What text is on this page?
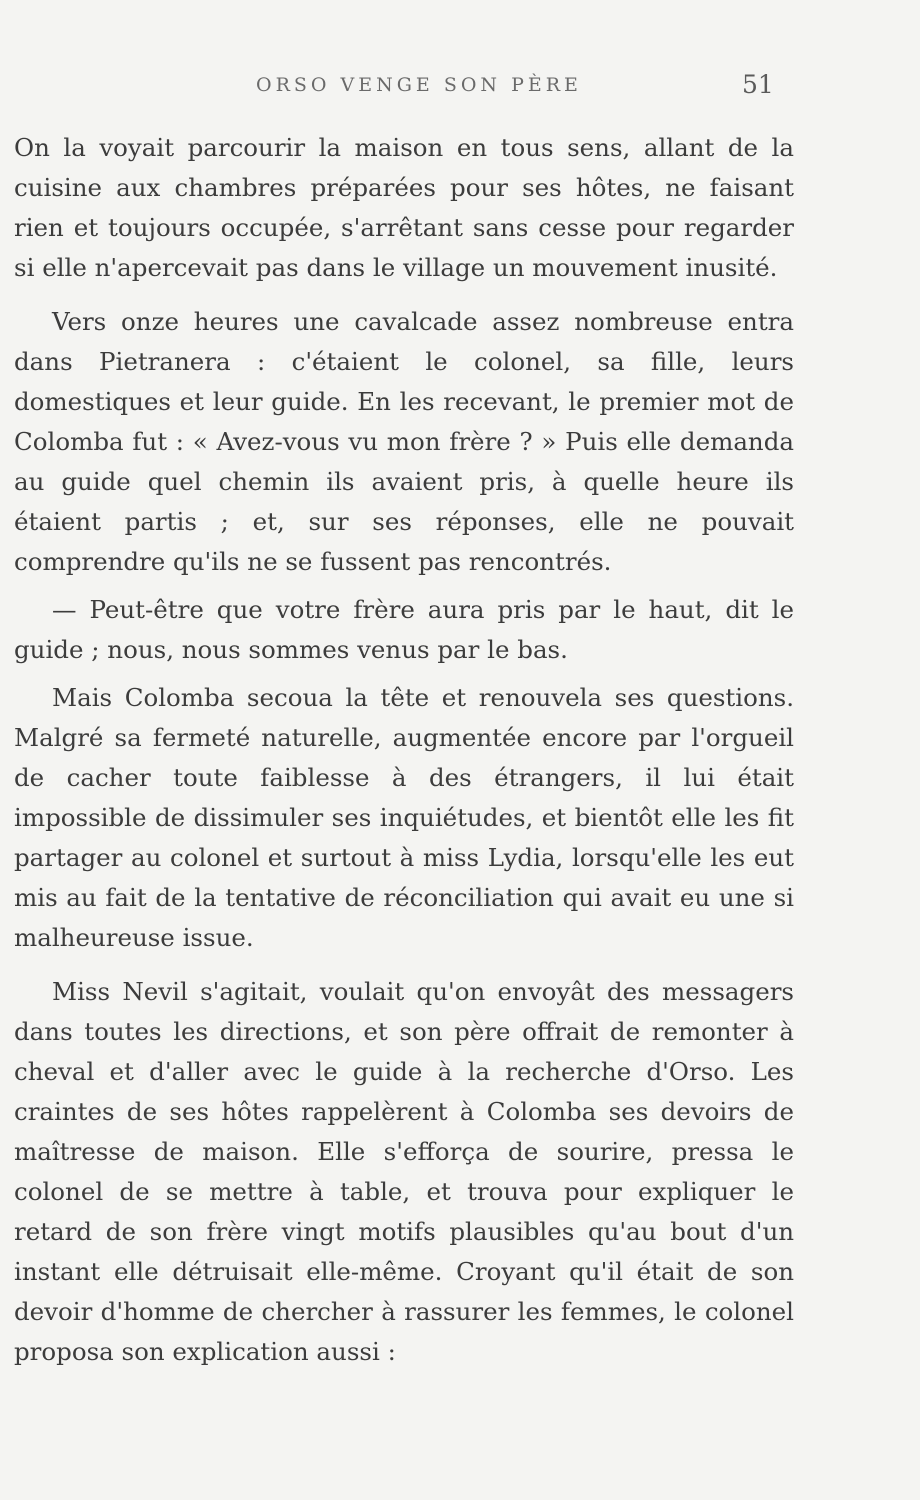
ORSO VENGE SON PÈRE	51

On la voyait parcourir la maison en tous sens, allant de la cuisine aux chambres préparées pour ses hôtes, ne faisant rien et toujours occupée, s'arrêtant sans cesse pour regarder si elle n'apercevait pas dans le village un mouvement inusité.

Vers onze heures une cavalcade assez nombreuse entra dans Pietranera : c'étaient le colonel, sa fille, leurs domestiques et leur guide. En les recevant, le premier mot de Colomba fut : « Avez-vous vu mon frère ? » Puis elle demanda au guide quel chemin ils avaient pris, à quelle heure ils étaient partis ; et, sur ses réponses, elle ne pouvait comprendre qu'ils ne se fussent pas rencontrés.

— Peut-être que votre frère aura pris par le haut, dit le guide ; nous, nous sommes venus par le bas.

Mais Colomba secoua la tête et renouvela ses questions. Malgré sa fermeté naturelle, augmentée encore par l'orgueil de cacher toute faiblesse à des étrangers, il lui était impossible de dissimuler ses inquiétudes, et bientôt elle les fit partager au colonel et surtout à miss Lydia, lorsqu'elle les eut mis au fait de la tentative de réconciliation qui avait eu une si malheureuse issue.

Miss Nevil s'agitait, voulait qu'on envoyât des messagers dans toutes les directions, et son père offrait de remonter à cheval et d'aller avec le guide à la recherche d'Orso. Les craintes de ses hôtes rappelèrent à Colomba ses devoirs de maîtresse de maison. Elle s'efforça de sourire, pressa le colonel de se mettre à table, et trouva pour expliquer le retard de son frère vingt motifs plausibles qu'au bout d'un instant elle détruisait elle-même. Croyant qu'il était de son devoir d'homme de chercher à rassurer les femmes, le colonel proposa son explication aussi :
